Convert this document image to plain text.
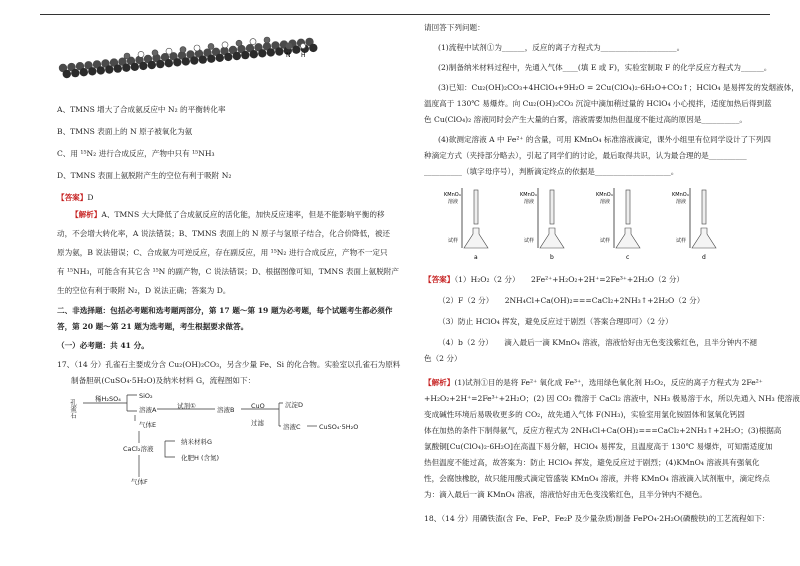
N H

A、TMNS 增大了合成氨反应中 N₂ 的平衡转化率

B、TMNS 表面上的 N 原子被氧化为氨

C、用 ¹⁵N₂ 进行合成反应，产物中只有 ¹⁵NH₃

D、TMNS 表面上氨脱附产生的空位有利于吸附 N₂

【答案】D

【解析】A、TMNS 大大降低了合成氨反应的活化能，加快反应速率，但是不能影响平衡的移

动，不会增大转化率，A 说法错误；B、TMNS 表面上的 N 原子与氢原子结合，化合价降低，被还

原为氨，B 说法错误；C、合成氨为可逆反应，存在副反应，用 ¹⁵N₂ 进行合成反应，产物不一定只

有 ¹⁵NH₃，可能含有其它含 ¹⁵N 的副产物，C 说法错误；D、根据图像可知，TMNS 表面上氨脱附产

生的空位有利于吸附 N₂，D 说法正确；答案为 D。

二、非选择题：包括必考题和选考题两部分，第 17 题～第 19 题为必考题，每个试题考生都必须作

答，第 20 题～第 21 题为选考题，考生根据要求做答。

（一）必考题：共 41 分。

17、（14 分）孔雀石主要成分含 Cu₂(OH)₂CO₃，另含少量 Fe、Si 的化合物。实验室以孔雀石为原料

制备胆矾(CuSO₄·5H₂O)及纳米材料 G，流程图如下：

孔雀石	稀H₂SO₄	SiO₂
溶液A	试剂①	溶液B	CuO
过滤
沉淀D
溶液C	CuSO₄·5H₂O
气体E
CaCl₂溶液
纳米材料G
化肥H (含氮)
气体F

请回答下列问题：

(1)流程中试剂①为______，反应的离子方程式为____________________。

(2)制备纳米材料过程中，先通入气体____(填 E 或 F)，实验室制取 F 的化学反应方程式为______。

(3)已知：Cu₂(OH)₂CO₃+4HClO₄+9H₂O = 2Cu(ClO₄)₂·6H₂O+CO₂↑；HClO₄ 是易挥发的发烟液体，

温度高于 130℃ 易爆炸。向 Cu₂(OH)₂CO₃ 沉淀中滴加稍过量的 HClO₄ 小心搅拌，适度加热后得到蓝

色 Cu(ClO₄)₂ 溶液同时会产生大量的白雾，溶液需要加热但温度不能过高的原因是__________。

(4)欲测定溶液 A 中 Fe²⁺ 的含量，可用 KMnO₄ 标准溶液滴定，课外小组里有位同学设计了下列四

种滴定方式（夹持部分略去），引起了同学们的讨论，最后取得共识，认为最合理的是__________

__________（填字母序号），判断滴定终点的依据是____________________。

KMnO₄
溶液
试样
a
KMnO₄
溶液
试样
b
KMnO₄
溶液
试样
c
KMnO₄
溶液
试样
d

【答案】（1）H₂O₂（2 分）　　2Fe²⁺+H₂O₂+2H⁺=2Fe³⁺+2H₂O（2 分）

（2）F（2 分）　　2NH₄Cl+Ca(OH)₂===CaCl₂+2NH₃↑+2H₂O（2 分）

（3）防止 HClO₄ 挥发，避免反应过于剧烈（答案合理即可）（2 分）

（4）b（2 分）　　滴入最后一滴 KMnO₄ 溶液，溶液恰好由无色变浅紫红色，且半分钟内不褪

色（2 分）

【解析】(1)试剂①目的是将 Fe²⁺ 氧化成 Fe³⁺，选用绿色氧化剂 H₂O₂，反应的离子方程式为 2Fe²⁺

+H₂O₂+2H⁺=2Fe³⁺+2H₂O；(2) 因 CO₂ 微溶于 CaCl₂ 溶液中，NH₃ 极易溶于水，所以先通入 NH₃ 使溶液

变成碱性环境后易吸收更多的 CO₂，故先通入气体 F(NH₃)，实验室用氯化铵固体和氢氧化钙固

体在加热的条件下制得氨气，反应方程式为 2NH₄Cl+Ca(OH)₂===CaCl₂+2NH₃↑+2H₂O；(3)根据高

氯酸铜[Cu(ClO₄)₂·6H₂O]在高温下易分解，HClO₄ 易挥发，且温度高于 130℃ 易爆炸，可知需适度加

热但温度不能过高，故答案为：防止 HClO₄ 挥发，避免反应过于剧烈；(4)KMnO₄ 溶液具有强氧化

性，会腐蚀橡胶，故只能用酸式滴定管盛装 KMnO₄ 溶液，并将 KMnO₄ 溶液滴入试剂瓶中，滴定终点

为：滴入最后一滴 KMnO₄ 溶液，溶液恰好由无色变浅紫红色，且半分钟内不褪色。

18、（14 分）用磷铁渣(含 Fe、FeP、Fe₂P 及少量杂质)制备 FePO₄·2H₂O(磷酸铁)的工艺流程如下：
